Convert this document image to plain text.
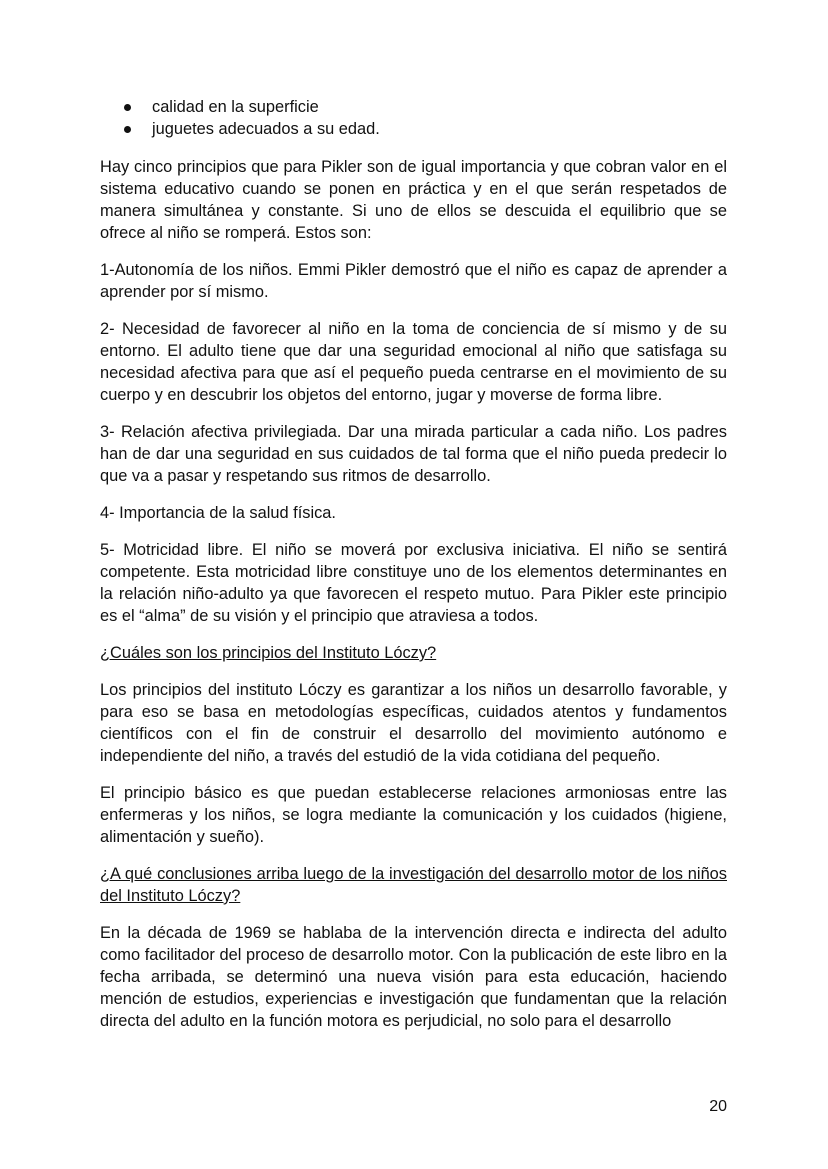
calidad en la superficie
juguetes adecuados a su edad.

Hay cinco principios que para Pikler son de igual importancia y que cobran valor en el sistema educativo cuando se ponen en práctica y en el que serán respetados de manera simultánea y constante. Si uno de ellos se descuida el equilibrio que se ofrece al niño se romperá. Estos son:

1-Autonomía de los niños. Emmi Pikler demostró que el niño es capaz de aprender a aprender por sí mismo.

2- Necesidad de favorecer al niño en la toma de conciencia de sí mismo y de su entorno. El adulto tiene que dar una seguridad emocional al niño que satisfaga su necesidad afectiva para que así el pequeño pueda centrarse en el movimiento de su cuerpo y en descubrir los objetos del entorno, jugar y moverse de forma libre.

3- Relación afectiva privilegiada. Dar una mirada particular a cada niño. Los padres han de dar una seguridad en sus cuidados de tal forma que el niño pueda predecir lo que va a pasar y respetando sus ritmos de desarrollo.

4- Importancia de la salud física.

5- Motricidad libre. El niño se moverá por exclusiva iniciativa. El niño se sentirá competente. Esta motricidad libre constituye uno de los elementos determinantes en la relación niño-adulto ya que favorecen el respeto mutuo. Para Pikler este principio es el “alma” de su visión y el principio que atraviesa a todos.

¿Cuáles son los principios del Instituto Lóczy?

Los principios del instituto Lóczy es garantizar a los niños un desarrollo favorable, y para eso se basa en metodologías específicas, cuidados atentos y fundamentos científicos con el fin de construir el desarrollo del movimiento autónomo e independiente del niño, a través del estudió de la vida cotidiana del pequeño.

El principio básico es que puedan establecerse relaciones armoniosas entre las enfermeras y los niños, se logra mediante la comunicación y los cuidados (higiene, alimentación y sueño).

¿A qué conclusiones arriba luego de la investigación del desarrollo motor de los niños del Instituto Lóczy?

En la década de 1969 se hablaba de la intervención directa e indirecta del adulto como facilitador del proceso de desarrollo motor. Con la publicación de este libro en la fecha arribada, se determinó una nueva visión para esta educación, haciendo mención de estudios, experiencias e investigación que fundamentan que la relación directa del adulto en la función motora es perjudicial, no solo para el desarrollo

20
